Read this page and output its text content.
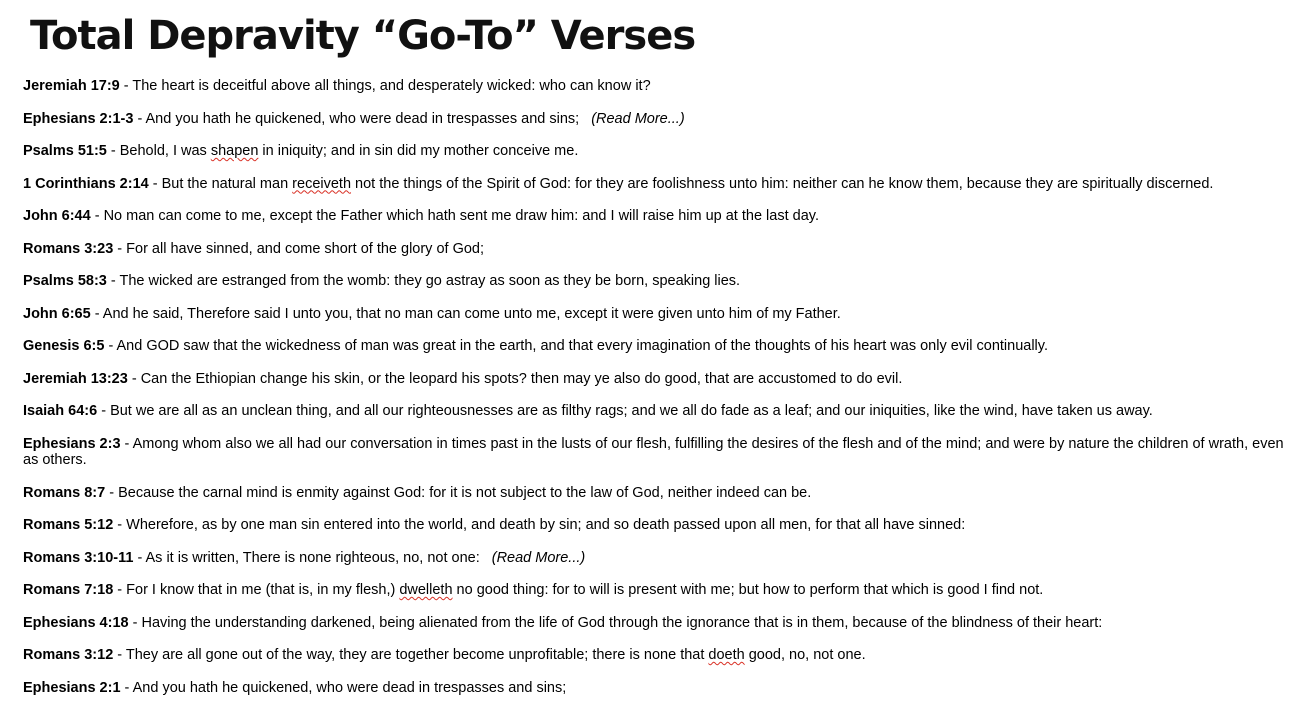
Total Depravity “Go-To” Verses

Jeremiah 17:9 - The heart is deceitful above all things, and desperately wicked: who can know it?

Ephesians 2:1-3 - And you hath he quickened, who were dead in trespasses and sins; (Read More...)

Psalms 51:5 - Behold, I was shapen in iniquity; and in sin did my mother conceive me.

1 Corinthians 2:14 - But the natural man receiveth not the things of the Spirit of God: for they are foolishness unto him: neither can he know them, because they are spiritually discerned.

John 6:44 - No man can come to me, except the Father which hath sent me draw him: and I will raise him up at the last day.

Romans 3:23 - For all have sinned, and come short of the glory of God;

Psalms 58:3 - The wicked are estranged from the womb: they go astray as soon as they be born, speaking lies.

John 6:65 - And he said, Therefore said I unto you, that no man can come unto me, except it were given unto him of my Father.

Genesis 6:5 - And GOD saw that the wickedness of man was great in the earth, and that every imagination of the thoughts of his heart was only evil continually.

Jeremiah 13:23 - Can the Ethiopian change his skin, or the leopard his spots? then may ye also do good, that are accustomed to do evil.

Isaiah 64:6 - But we are all as an unclean thing, and all our righteousnesses are as filthy rags; and we all do fade as a leaf; and our iniquities, like the wind, have taken us away.

Ephesians 2:3 - Among whom also we all had our conversation in times past in the lusts of our flesh, fulfilling the desires of the flesh and of the mind; and were by nature the children of wrath, even as others.

Romans 8:7 - Because the carnal mind is enmity against God: for it is not subject to the law of God, neither indeed can be.

Romans 5:12 - Wherefore, as by one man sin entered into the world, and death by sin; and so death passed upon all men, for that all have sinned:

Romans 3:10-11 - As it is written, There is none righteous, no, not one: (Read More...)

Romans 7:18 - For I know that in me (that is, in my flesh,) dwelleth no good thing: for to will is present with me; but how to perform that which is good I find not.

Ephesians 4:18 - Having the understanding darkened, being alienated from the life of God through the ignorance that is in them, because of the blindness of their heart:

Romans 3:12 - They are all gone out of the way, they are together become unprofitable; there is none that doeth good, no, not one.

Ephesians 2:1 - And you hath he quickened, who were dead in trespasses and sins;
